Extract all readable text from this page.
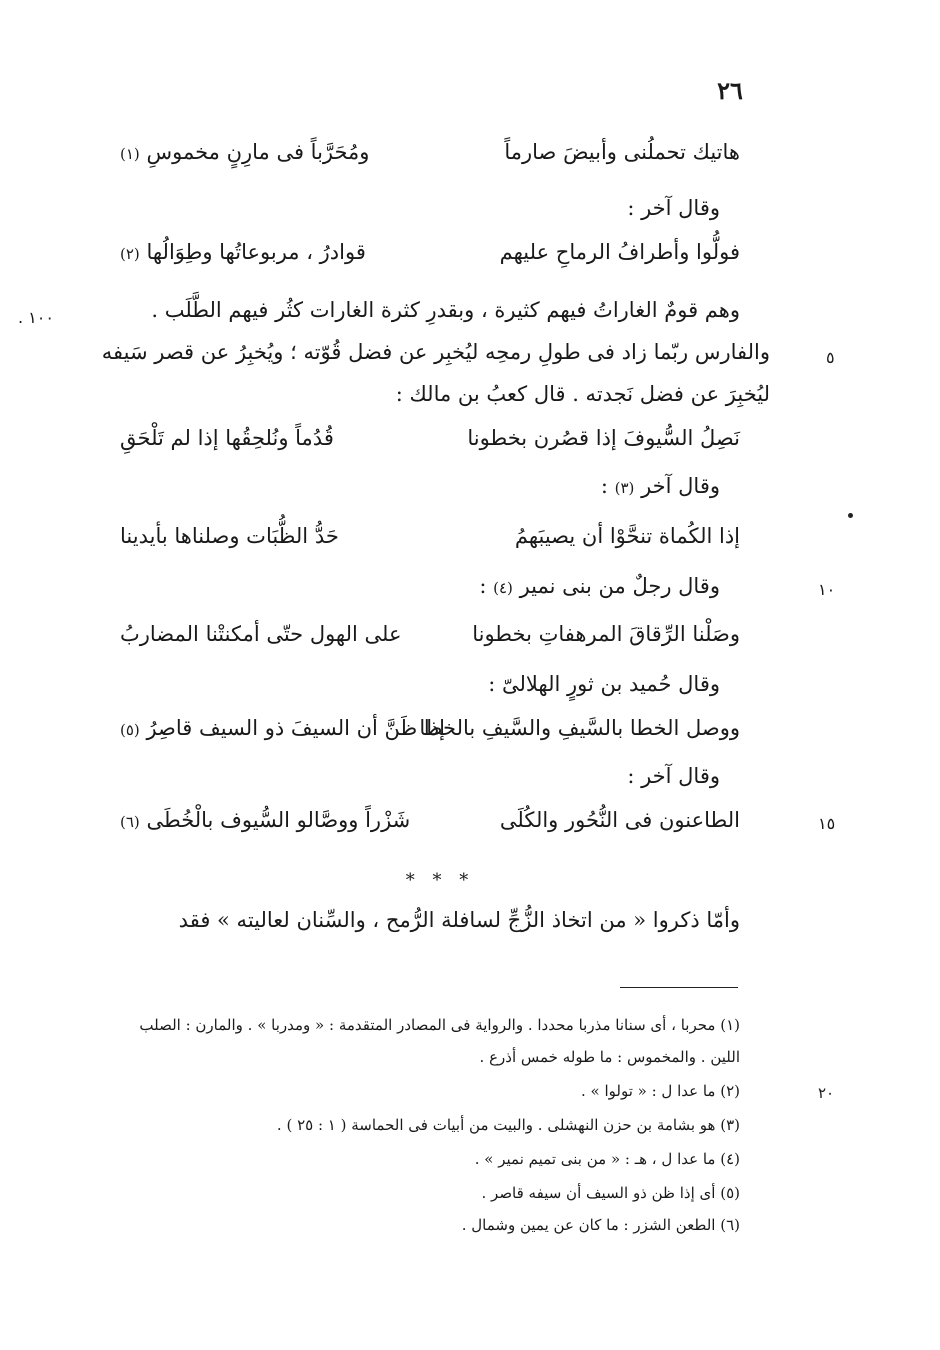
٢٦
هاتيك تحملُنى وأبيضَ صارماً
ومُحَرَّباً فى مارِنٍ مخموسِ (١)
وقال آخر :
فولُّوا وأطرافُ الرماحِ عليهم
قوادرُ ، مربوعاتُها وطِوَالُها (٢)
وهم قومٌ الغاراتُ فيهم كثيرة ، وبقدرِ كثرة الغارات كثُر فيهم الطَّلَب .
١٠٠ .
والفارس ربّما زاد فى طولِ رمحِه ليُخبِر عن فضل قُوّته ؛ ويُخبِرُ عن قصر سَيفه	٥
ليُخبِرَ عن فضل نَجدته . قال كعبُ بن مالك :
نَصِلُ السُّيوفَ إذا قصُرن بخطونا
قُدُماً ونُلحِقُها إذا لم تَلْحَقِ
وقال آخر (٣) :
إذا الكُماة تنحَّوْا أن يصيبَهمُ
حَدُّ الظُّبَات وصلناها بأيدينا
وقال رجلٌ من بنى نمير (٤) :	١٠
وصَلْنا الرِّقاقَ المرهفاتِ بخطونا
على الهول حتّى أمكنتْنا المضاربُ
وقال حُميد بن ثورٍ الهلالىّ :
ووصل الخطا بالسَّيفِ والسَّيفِ بالخطا
إذا ظَنَّ أن السيفَ ذو السيف قاصِرُ (٥)
وقال آخر :
الطاعنون فى النُّحُور والكُلَى
شَزْراً ووصَّالو السُّيوف بالْخُطَى (٦)	١٥
* * *
وأمّا ذكروا « من اتخاذ الزُّجِّ لسافلة الرُّمح ، والسِّنان لعاليته » فقد
(١) محربا ، أى سنانا مذربا محددا . والرواية فى المصادر المتقدمة : « ومدربا » . والمارن : الصلب
اللين . والمخموس : ما طوله خمس أذرع .
(٢) ما عدا ل : « تولوا » .	٢٠
(٣) هو بشامة بن حزن النهشلى . والبيت من أبيات فى الحماسة ( ١ : ٢٥ ) .
(٤) ما عدا ل ، هـ : « من بنى تميم نمير » .
(٥) أى إذا ظن ذو السيف أن سيفه قاصر .
(٦) الطعن الشزر : ما كان عن يمين وشمال .
